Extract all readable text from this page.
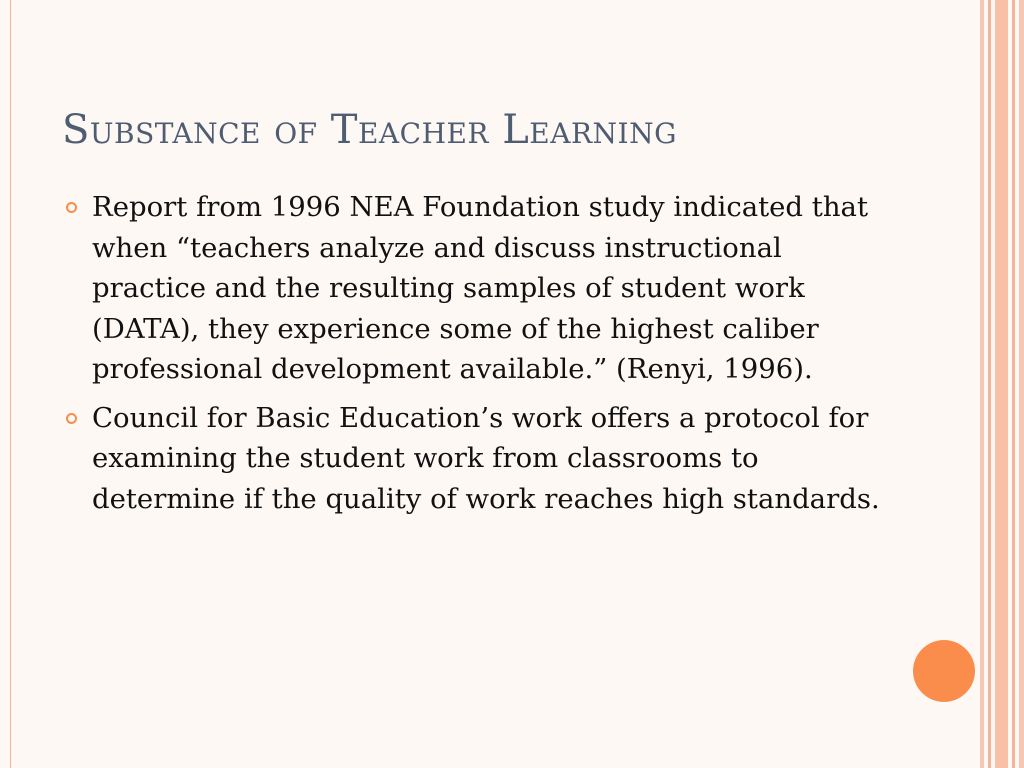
Substance of Teacher Learning
Report from 1996 NEA Foundation study indicated that when “teachers analyze and discuss instructional practice and the resulting samples of student work (DATA), they experience some of the highest caliber professional development available.” (Renyi, 1996).
Council for Basic Education’s work offers a protocol for examining the student work from classrooms to determine if the quality of work reaches high standards.
